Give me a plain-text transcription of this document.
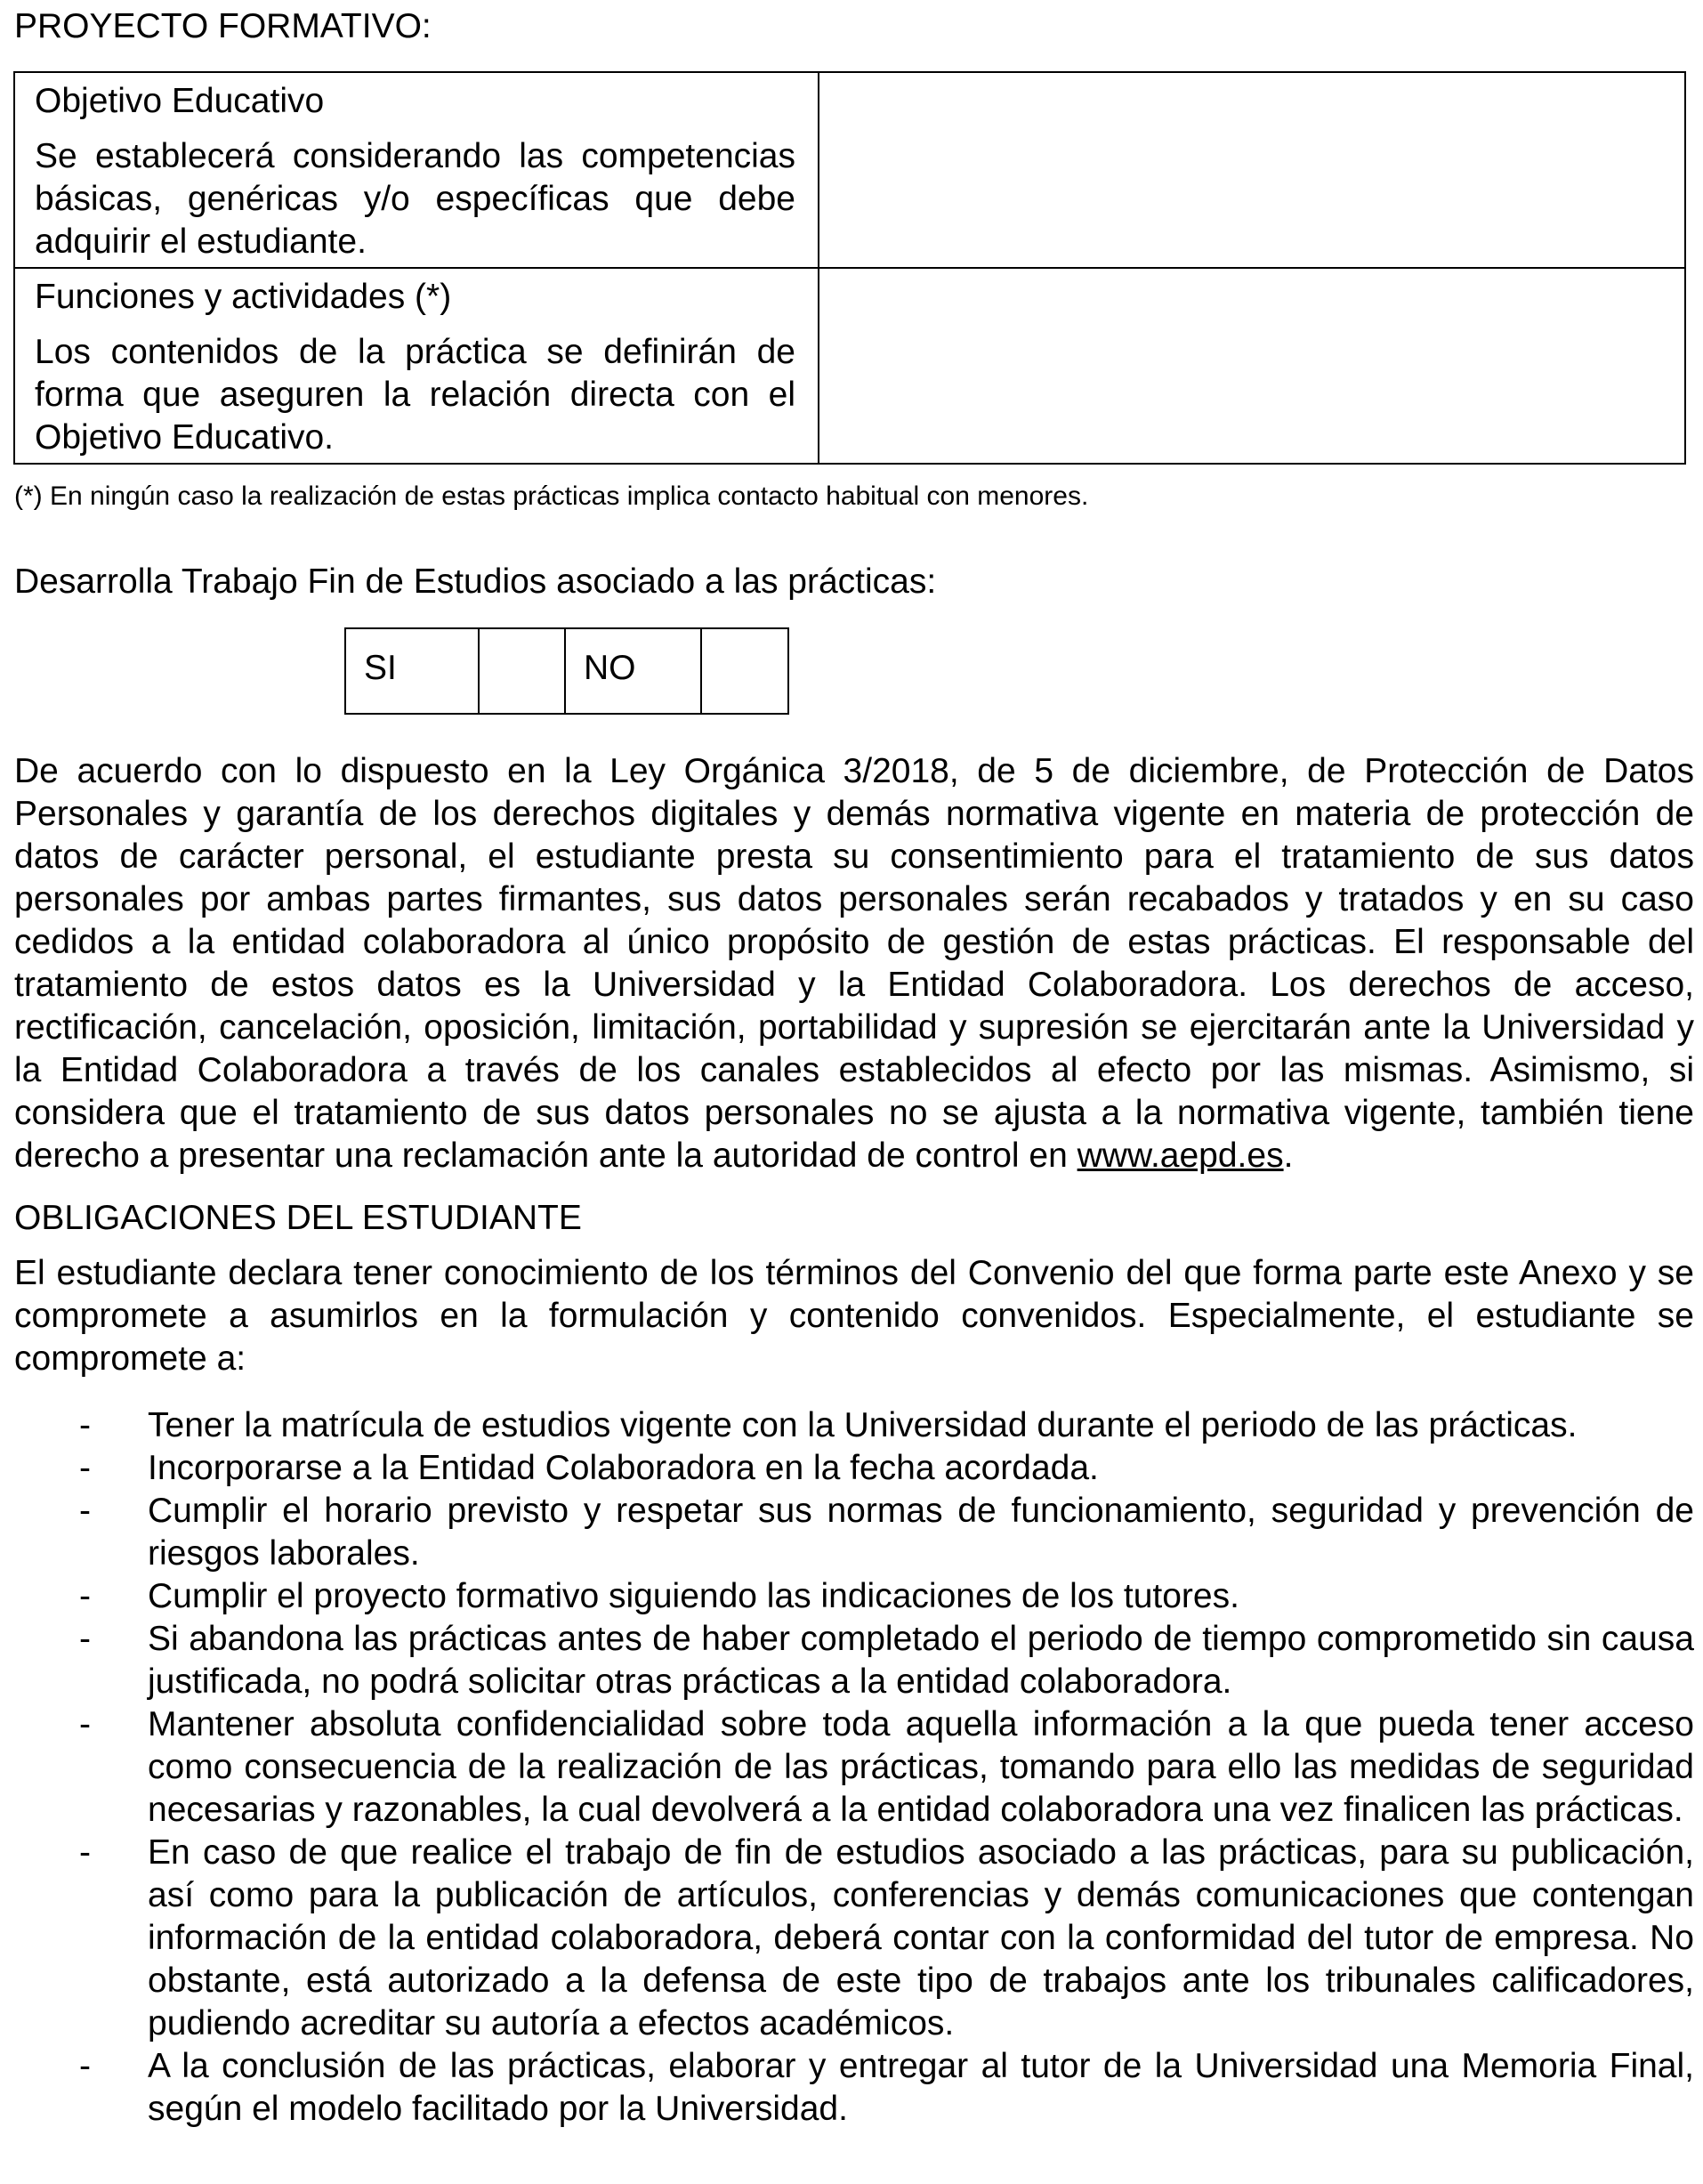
PROYECTO FORMATIVO:
Objetivo Educativo
Se establecerá considerando las competencias básicas, genéricas y/o específicas que debe adquirir el estudiante.	

Funciones y actividades (*)
Los contenidos de la práctica se definirán de forma que aseguren la relación directa con el Objetivo Educativo.	

(*) En ningún caso la realización de estas prácticas implica contacto habitual con menores.
Desarrolla Trabajo Fin de Estudios asociado a las prácticas:
SI		NO	
De acuerdo con lo dispuesto en la Ley Orgánica 3/2018, de 5 de diciembre, de Protección de Datos Personales y garantía de los derechos digitales y demás normativa vigente en materia de protección de datos de carácter personal, el estudiante presta su consentimiento para el tratamiento de sus datos personales por ambas partes firmantes, sus datos personales serán recabados y tratados y en su caso cedidos a la entidad colaboradora al único propósito de gestión de estas prácticas. El responsable del tratamiento de estos datos es la Universidad y la Entidad Colaboradora. Los derechos de acceso, rectificación, cancelación, oposición, limitación, portabilidad y supresión se ejercitarán ante la Universidad y la Entidad Colaboradora a través de los canales establecidos al efecto por las mismas. Asimismo, si considera que el tratamiento de sus datos personales no se ajusta a la normativa vigente, también tiene derecho a presentar una reclamación ante la autoridad de control en www.aepd.es.
OBLIGACIONES DEL ESTUDIANTE
El estudiante declara tener conocimiento de los términos del Convenio del que forma parte este Anexo y se compromete a asumirlos en la formulación y contenido convenidos. Especialmente, el estudiante se compromete a:
- Tener la matrícula de estudios vigente con la Universidad durante el periodo de las prácticas.
- Incorporarse a la Entidad Colaboradora en la fecha acordada.
- Cumplir el horario previsto y respetar sus normas de funcionamiento, seguridad y prevención de riesgos laborales.
- Cumplir el proyecto formativo siguiendo las indicaciones de los tutores.
- Si abandona las prácticas antes de haber completado el periodo de tiempo comprometido sin causa justificada, no podrá solicitar otras prácticas a la entidad colaboradora.
- Mantener absoluta confidencialidad sobre toda aquella información a la que pueda tener acceso como consecuencia de la realización de las prácticas, tomando para ello las medidas de seguridad necesarias y razonables, la cual devolverá a la entidad colaboradora una vez finalicen las prácticas.
- En caso de que realice el trabajo de fin de estudios asociado a las prácticas, para su publicación, así como para la publicación de artículos, conferencias y demás comunicaciones que contengan información de la entidad colaboradora, deberá contar con la conformidad del tutor de empresa. No obstante, está autorizado a la defensa de este tipo de trabajos ante los tribunales calificadores, pudiendo acreditar su autoría a efectos académicos.
- A la conclusión de las prácticas, elaborar y entregar al tutor de la Universidad una Memoria Final, según el modelo facilitado por la Universidad.
